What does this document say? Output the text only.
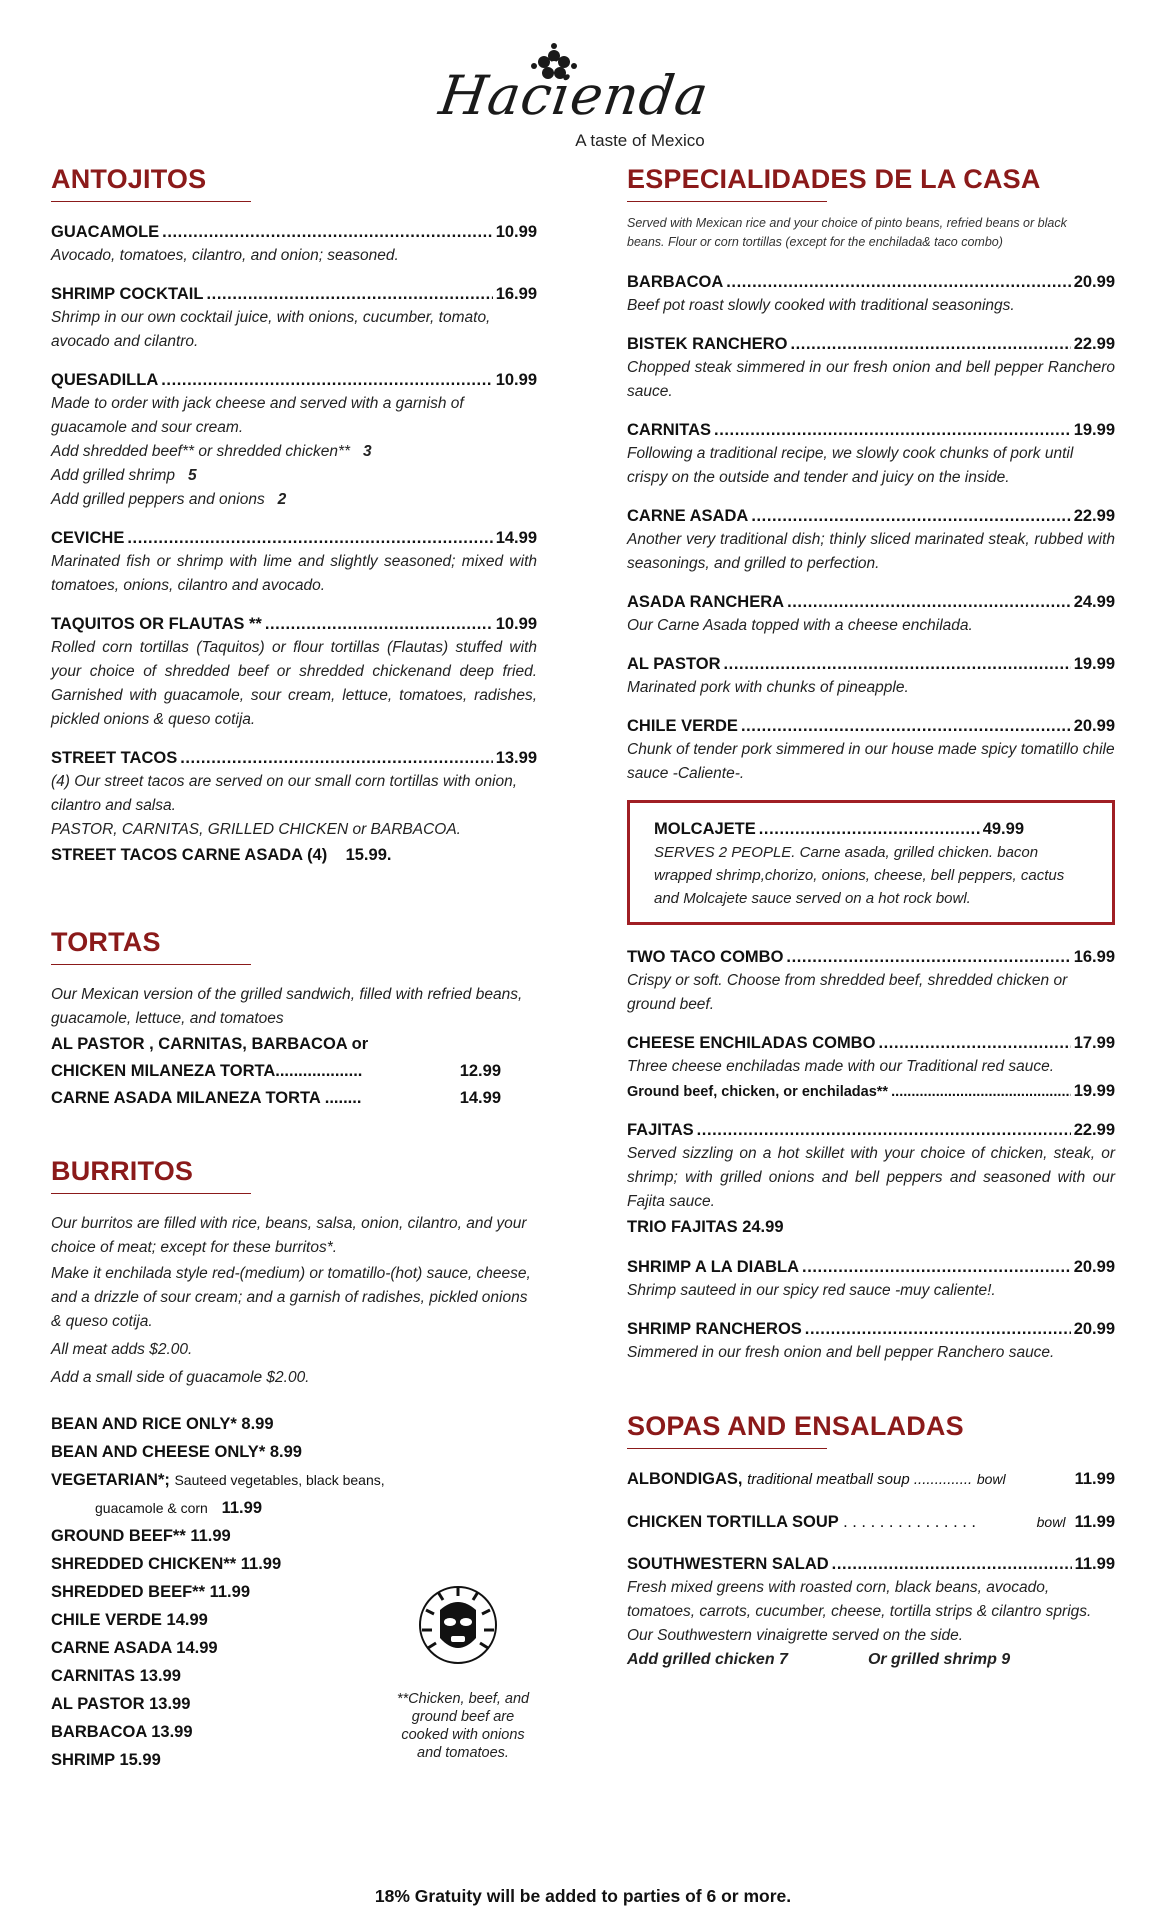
Hacienda
A taste of Mexico
ANTOJITOS
GUACAMOLE . . .	10.99
Avocado, tomatoes, cilantro, and onion; seasoned.
SHRIMP COCKTAIL . . .	16.99
Shrimp in our own cocktail juice, with onions, cucumber, tomato, avocado and cilantro.
QUESADILLA . . .	10.99
Made to order with jack cheese and served with a garnish of guacamole and sour cream.
Add shredded beef** or shredded chicken** 3
Add grilled shrimp 5
Add grilled peppers and onions 2
CEVICHE . . .	14.99
Marinated fish or shrimp with lime and slightly seasoned; mixed with tomatoes, onions, cilantro and avocado.
TAQUITOS OR FLAUTAS ** . . .	10.99
Rolled corn tortillas (Taquitos) or flour tortillas (Flautas) stuffed with your choice of shredded beef or shredded chickenand deep fried. Garnished with guacamole, sour cream, lettuce, tomatoes, radishes, pickled onions & queso cotija.
STREET TACOS . . .	13.99
(4) Our street tacos are served on our small corn tortillas with onion, cilantro and salsa.
PASTOR, CARNITAS, GRILLED CHICKEN or BARBACOA.
STREET TACOS CARNE ASADA (4) 15.99.
TORTAS
Our Mexican version of the grilled sandwich, filled with refried beans, guacamole, lettuce, and tomatoes
AL PASTOR , CARNITAS, BARBACOA or
CHICKEN MILANEZA TORTA...................	12.99
CARNE ASADA MILANEZA TORTA ........	14.99
BURRITOS
Our burritos are filled with rice, beans, salsa, onion, cilantro, and your choice of meat; except for these burritos*.
Make it enchilada style red-(medium) or tomatillo-(hot) sauce, cheese, and a drizzle of sour cream; and a garnish of radishes, pickled onions & queso cotija.
All meat adds $2.00.
Add a small side of guacamole $2.00.
BEAN AND RICE ONLY* 8.99
BEAN AND CHEESE ONLY* 8.99
VEGETARIAN*; Sauteed vegetables, black beans,
guacamole & corn 11.99
GROUND BEEF** 11.99
SHREDDED CHICKEN** 11.99
SHREDDED BEEF** 11.99
CHILE VERDE 14.99
CARNE ASADA 14.99
CARNITAS 13.99
AL PASTOR 13.99
BARBACOA 13.99
SHRIMP 15.99
**Chicken, beef, and ground beef are cooked with onions and tomatoes.
ESPECIALIDADES DE LA CASA
Served with Mexican rice and your choice of pinto beans, refried beans or black beans. Flour or corn tortillas (except for the enchilada& taco combo)
BARBACOA . . .	20.99
Beef pot roast slowly cooked with traditional seasonings.
BISTEK RANCHERO . . .	22.99
Chopped steak simmered in our fresh onion and bell pepper Ranchero sauce.
CARNITAS . . .	19.99
Following a traditional recipe, we slowly cook chunks of pork until crispy on the outside and tender and juicy on the inside.
CARNE ASADA . . .	22.99
Another very traditional dish; thinly sliced marinated steak, rubbed with seasonings, and grilled to perfection.
ASADA RANCHERA . . .	24.99
Our Carne Asada topped with a cheese enchilada.
AL PASTOR . . .	19.99
Marinated pork with chunks of pineapple.
CHILE VERDE . . .	20.99
Chunk of tender pork simmered in our house made spicy tomatillo chile sauce -Caliente-.
MOLCAJETE . . .	49.99
SERVES 2 PEOPLE. Carne asada, grilled chicken. bacon wrapped shrimp,chorizo, onions, cheese, bell peppers, cactus and Molcajete sauce served on a hot rock bowl.
TWO TACO COMBO . . .	16.99
Crispy or soft. Choose from shredded beef, shredded chicken or ground beef.
CHEESE ENCHILADAS COMBO . . .	17.99
Three cheese enchiladas made with our Traditional red sauce.
Ground beef, chicken, or enchiladas** . . .	19.99
FAJITAS . . .	22.99
Served sizzling on a hot skillet with your choice of chicken, steak, or shrimp; with grilled onions and bell peppers and seasoned with our Fajita sauce.
TRIO FAJITAS 24.99
SHRIMP A LA DIABLA . . .	20.99
Shrimp sauteed in our spicy red sauce -muy caliente!.
SHRIMP RANCHEROS . . .	20.99
Simmered in our fresh onion and bell pepper Ranchero sauce.
SOPAS AND ENSALADAS
ALBONDIGAS, traditional meatball soup .............. bowl	11.99
CHICKEN TORTILLA SOUP . . . . . . . . . . . . . . .	bowl 11.99
SOUTHWESTERN SALAD . . .	11.99
Fresh mixed greens with roasted corn, black beans, avocado, tomatoes, carrots, cucumber, cheese, tortilla strips & cilantro sprigs. Our Southwestern vinaigrette served on the side.
Add grilled chicken 7	Or grilled shrimp 9
18% Gratuity will be added to parties of 6 or more.
